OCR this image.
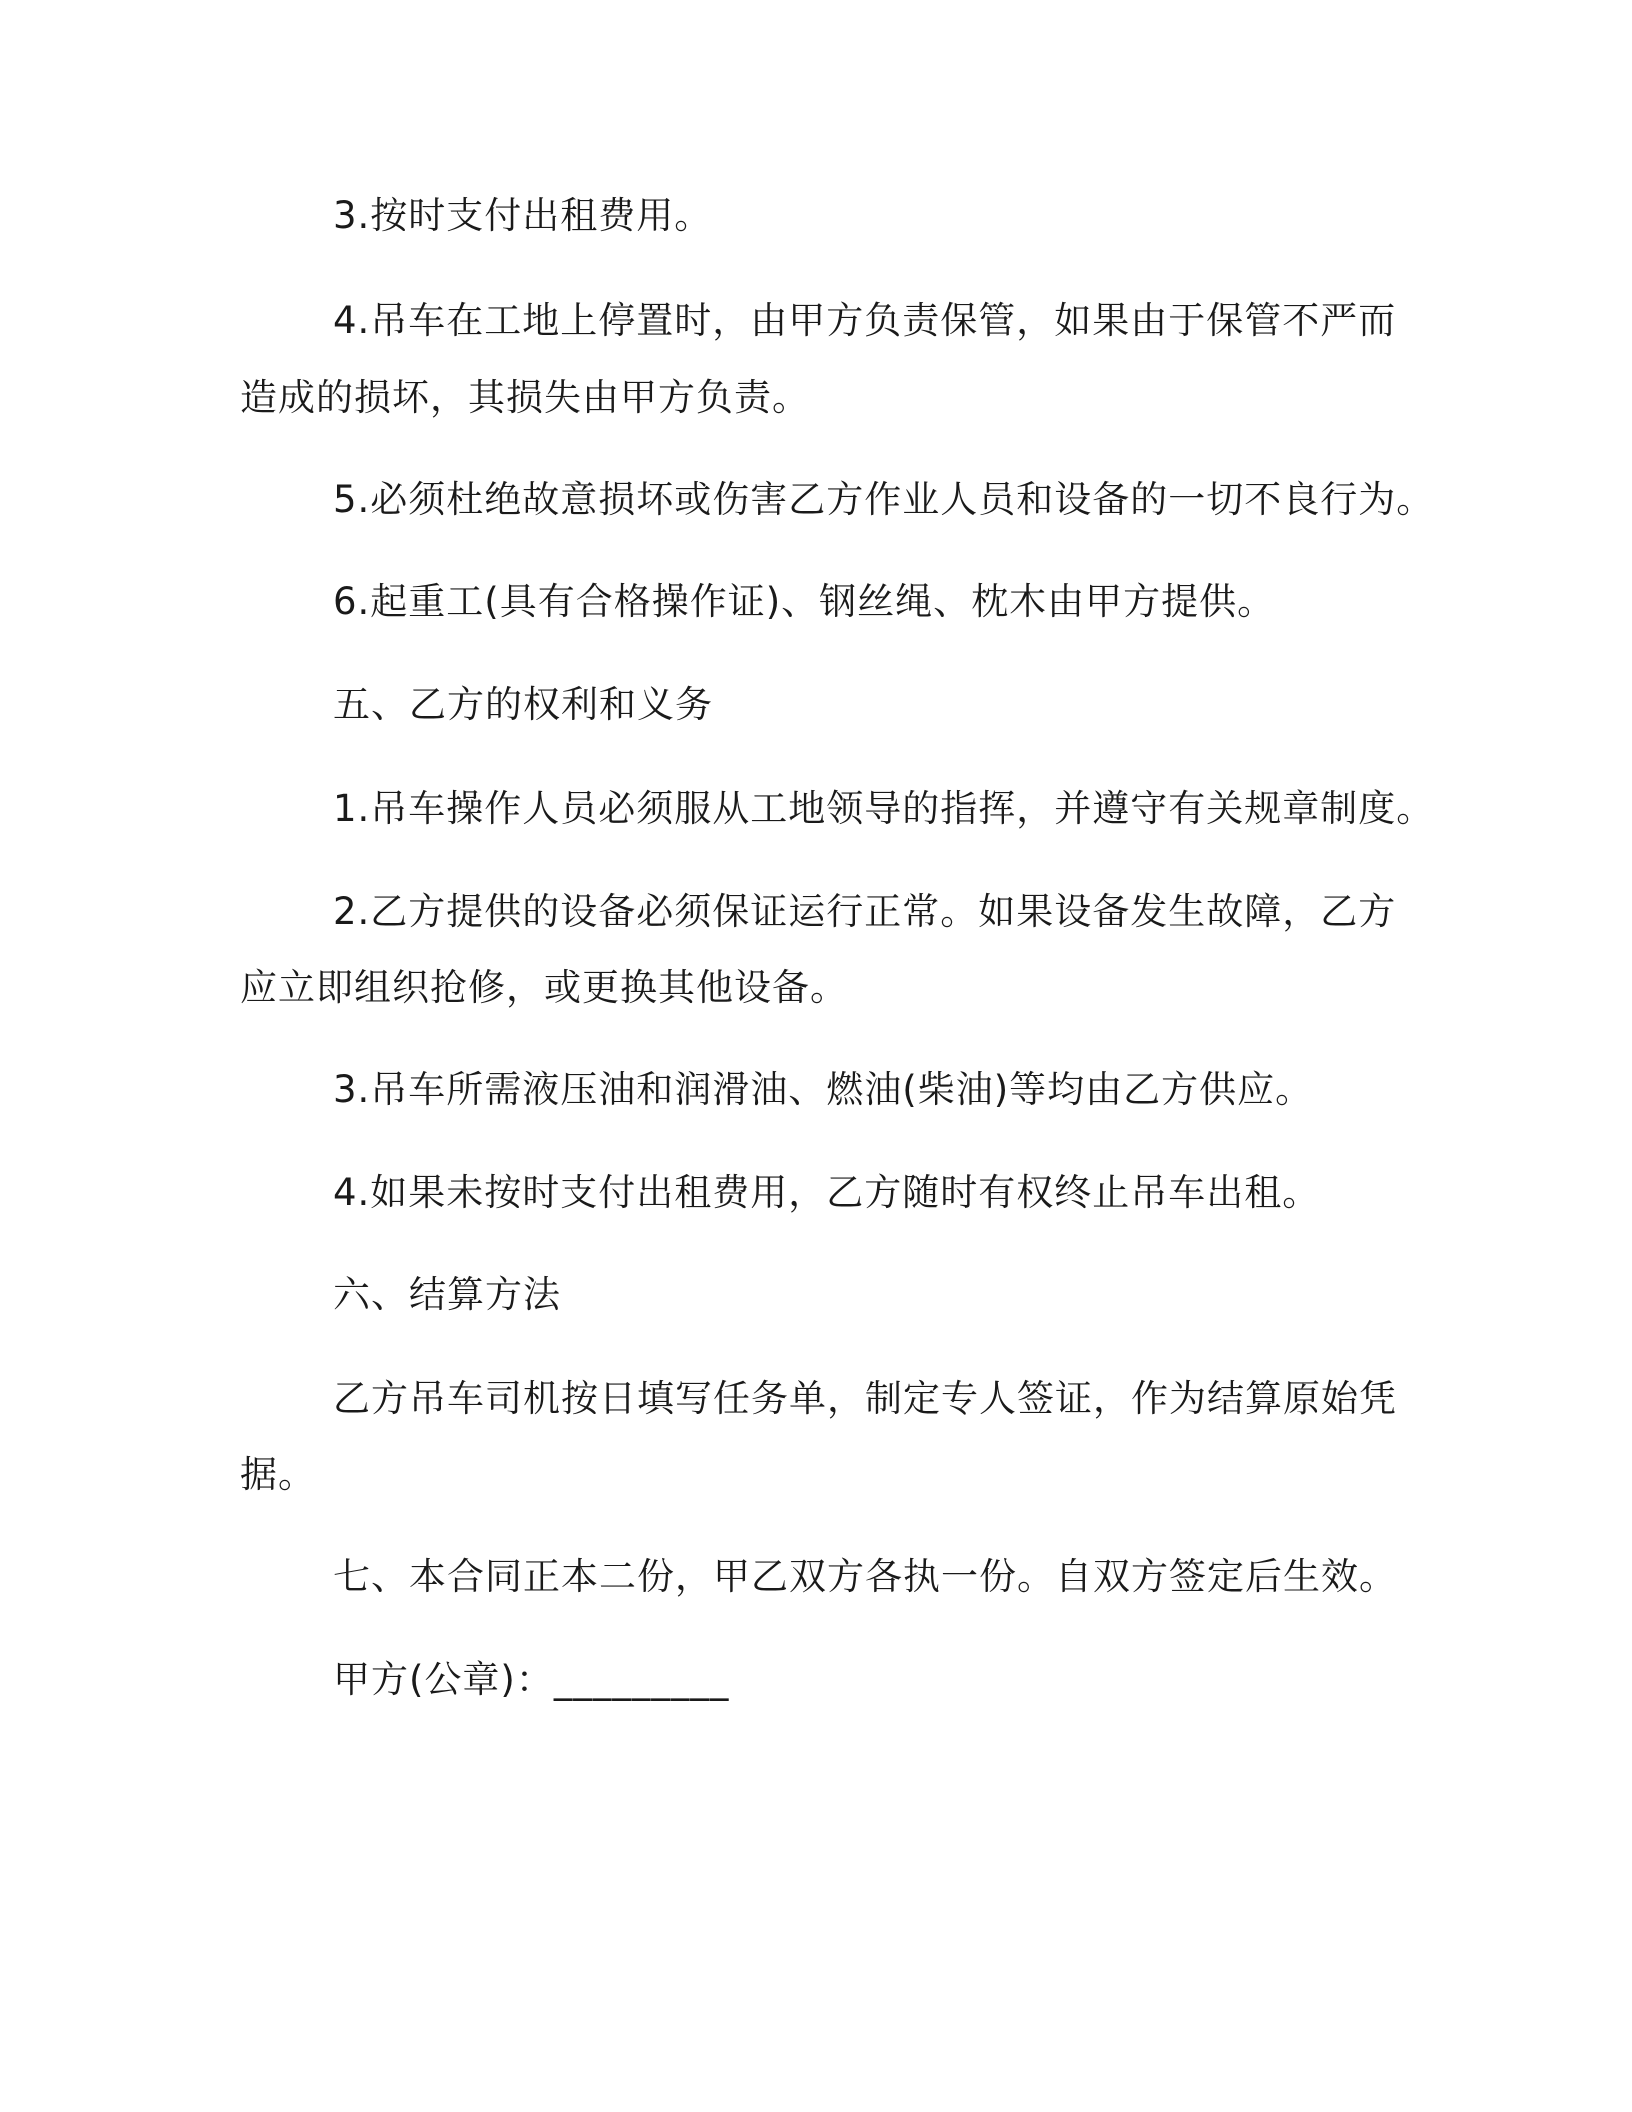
3.按时支付出租费用。
4.吊车在工地上停置时，由甲方负责保管，如果由于保管不严而
造成的损坏，其损失由甲方负责。
5.必须杜绝故意损坏或伤害乙方作业人员和设备的一切不良行为。
6.起重工(具有合格操作证)、钢丝绳、枕木由甲方提供。
五、乙方的权利和义务
1.吊车操作人员必须服从工地领导的指挥，并遵守有关规章制度。
2.乙方提供的设备必须保证运行正常。如果设备发生故障，乙方
应立即组织抢修，或更换其他设备。
3.吊车所需液压油和润滑油、燃油(柴油)等均由乙方供应。
4.如果未按时支付出租费用，乙方随时有权终止吊车出租。
六、结算方法
乙方吊车司机按日填写任务单，制定专人签证，作为结算原始凭
据。
七、本合同正本二份，甲乙双方各执一份。自双方签定后生效。
甲方(公章)：_________
